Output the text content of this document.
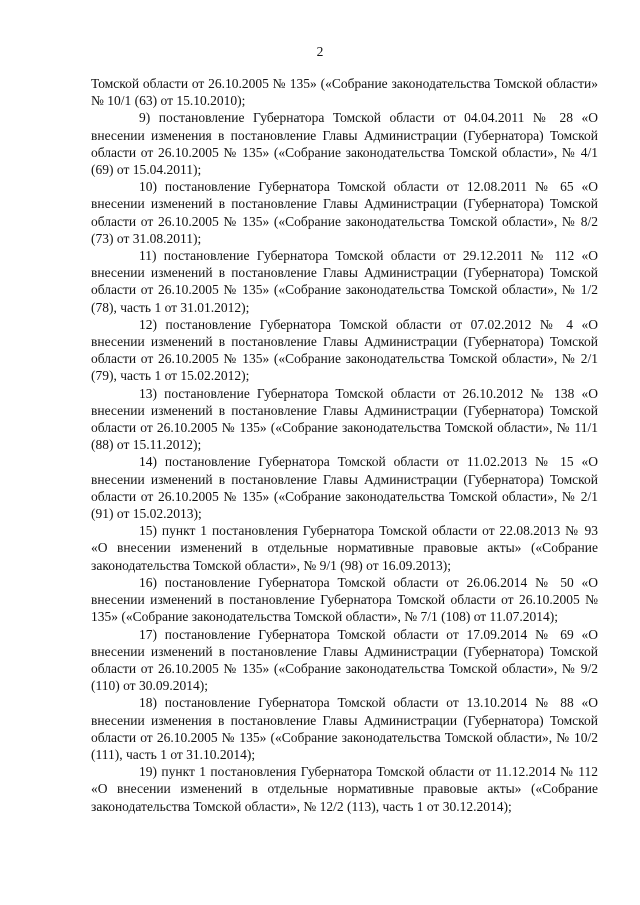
2

Томской области от 26.10.2005 № 135» («Собрание законодательства Томской области» № 10/1 (63) от 15.10.2010);

9) постановление Губернатора Томской области от 04.04.2011 № 28 «О внесении изменения в постановление Главы Администрации (Губернатора) Томской области от 26.10.2005 № 135» («Собрание законодательства Томской области», № 4/1 (69) от 15.04.2011);

10) постановление Губернатора Томской области от 12.08.2011 № 65 «О внесении изменений в постановление Главы Администрации (Губернатора) Томской области от 26.10.2005 № 135» («Собрание законодательства Томской области», № 8/2 (73) от 31.08.2011);

11) постановление Губернатора Томской области от 29.12.2011 № 112 «О внесении изменений в постановление Главы Администрации (Губернатора) Томской области от 26.10.2005 № 135» («Собрание законодательства Томской области», № 1/2 (78), часть 1 от 31.01.2012);

12) постановление Губернатора Томской области от 07.02.2012 № 4 «О внесении изменений в постановление Главы Администрации (Губернатора) Томской области от 26.10.2005 № 135» («Собрание законодательства Томской области», № 2/1 (79), часть 1 от 15.02.2012);

13) постановление Губернатора Томской области от 26.10.2012 № 138 «О внесении изменений в постановление Главы Администрации (Губернатора) Томской области от 26.10.2005 № 135» («Собрание законодательства Томской области», № 11/1 (88) от 15.11.2012);

14) постановление Губернатора Томской области от 11.02.2013 № 15 «О внесении изменений в постановление Главы Администрации (Губернатора) Томской области от 26.10.2005 № 135» («Собрание законодательства Томской области», № 2/1 (91) от 15.02.2013);

15) пункт 1 постановления Губернатора Томской области от 22.08.2013 № 93 «О внесении изменений в отдельные нормативные правовые акты» («Собрание законодательства Томской области», № 9/1 (98) от 16.09.2013);

16) постановление Губернатора Томской области от 26.06.2014 № 50 «О внесении изменений в постановление Губернатора Томской области от 26.10.2005 № 135» («Собрание законодательства Томской области», № 7/1 (108) от 11.07.2014);

17) постановление Губернатора Томской области от 17.09.2014 № 69 «О внесении изменений в постановление Главы Администрации (Губернатора) Томской области от 26.10.2005 № 135» («Собрание законодательства Томской области», № 9/2 (110) от 30.09.2014);

18) постановление Губернатора Томской области от 13.10.2014 № 88 «О внесении изменения в постановление Главы Администрации (Губернатора) Томской области от 26.10.2005 № 135» («Собрание законодательства Томской области», № 10/2 (111), часть 1 от 31.10.2014);

19) пункт 1 постановления Губернатора Томской области от 11.12.2014 № 112 «О внесении изменений в отдельные нормативные правовые акты» («Собрание законодательства Томской области», № 12/2 (113), часть 1 от 30.12.2014);
